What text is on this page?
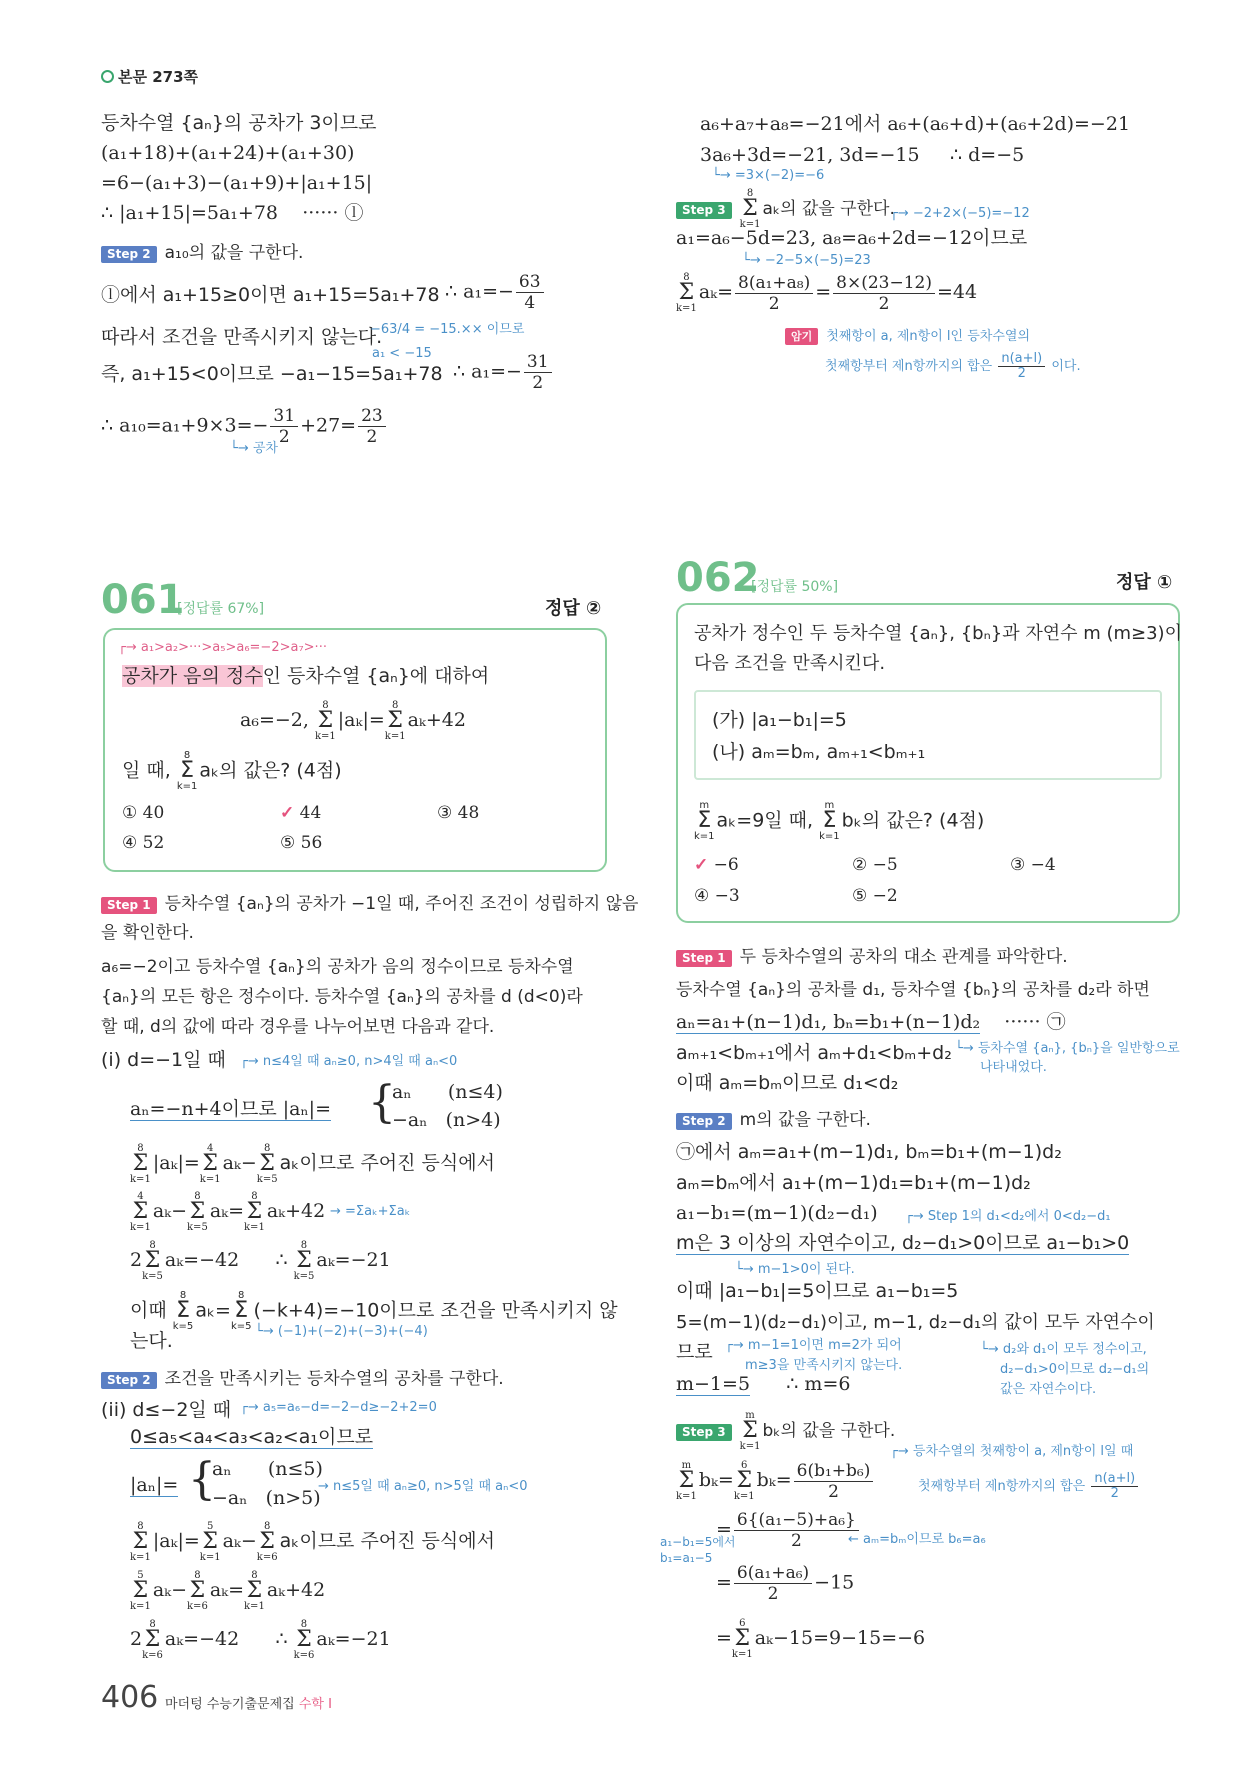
본문 273쪽
등차수열 {aₙ}의 공차가 3이므로
(a₁+18)+(a₁+24)+(a₁+30)
=6−(a₁+3)−(a₁+9)+|a₁+15|
∴ |a₁+15|=5a₁+78 ······ ⓛ
Step 2 a₁₀의 값을 구한다.
ⓛ에서 a₁+15≥0이면 a₁+15=5a₁+78 ∴ $a_1=- \frac{63}{4}$
따라서 조건을 만족시키지 않는다.
−63/4 = −15.×× 이므로
a₁ < −15
즉, a₁+15<0이므로 −a₁−15=5a₁+78 ∴ $a_1=- \frac{31}{2}$
∴ $a_{10}=a_1+9\times 3=- \frac{31}{2} +27= \frac{23}{2}$
└→ 공차
a₆+a₇+a₈=−21에서 a₆+(a₆+d)+(a₆+2d)=−21
3a₆+3d=−21, 3d=−15 ∴ d=−5
└→ =3×(−2)=−6
Step 3
8
Σ
k=1
aₖ의 값을 구한다.
┌→ −2+2×(−5)=−12
a₁=a₆−5d=23, a₈=a₆+2d=−12이므로
└→ −2−5×(−5)=23
8
Σ
k=1
$a_k= \frac{\text{8(a₁+a₈)}}{2} = \frac{8\times(23-12)}{2} =44$
암기 첫째항이 a, 제n항이 l인 등차수열의
첫째항부터 제n항까지의 합은 $\frac{n(a+l)}{2}$ 이다.
061
[정답률 67%]	정답 ②
┌→ a₁>a₂>···>a₅>a₆=−2>a₇>···
공차가 음의 정수인 등차수열 {aₙ}에 대하여
a₆=−2,
8
Σ
k=1
|aₖ|=
8
Σ
k=1
aₖ+42
일 때,
8
Σ
k=1
aₖ의 값은? (4점)
① 40	✓ 44	③ 48
④ 52	⑤ 56
Step 1 등차수열 {aₙ}의 공차가 −1일 때, 주어진 조건이 성립하지 않음
을 확인한다.
a₆=−2이고 등차수열 {aₙ}의 공차가 음의 정수이므로 등차수열
{aₙ}의 모든 항은 정수이다. 등차수열 {aₙ}의 공차를 d (d<0)라
할 때, d의 값에 따라 경우를 나누어보면 다음과 같다.
(i) d=−1일 때 ┌→ n≤4일 때 aₙ≥0, n>4일 때 aₙ<0
aₙ=−n+4이므로 |aₙ|= {
aₙ (n≤4)
−aₙ (n>4)
8
Σ
k=1
|aₖ|=
4
Σ
k=1
aₖ−
8
Σ
k=5
aₖ이므로 주어진 등식에서
4
Σ
k=1
aₖ−
8
Σ
k=5
aₖ=
8
Σ
k=1
aₖ+42 → =Σaₖ+Σaₖ
2
8
Σ
k=5
aₖ=−42 ∴
8
Σ
k=5
aₖ=−21
이때
8
Σ
k=5
aₖ=
8
Σ
k=5
(−k+4)=−10이므로 조건을 만족시키지 않
└→ (−1)+(−2)+(−3)+(−4)
는다.
Step 2 조건을 만족시키는 등차수열의 공차를 구한다.
(ii) d≤−2일 때 ┌→ a₅=a₆−d=−2−d≥−2+2=0
0≤a₅<a₄<a₃<a₂<a₁이므로
|aₙ|= {
aₙ (n≤5)
−aₙ (n>5)
→ n≤5일 때 aₙ≥0, n>5일 때 aₙ<0
8
Σ
k=1
|aₖ|=
5
Σ
k=1
aₖ−
8
Σ
k=6
aₖ이므로 주어진 등식에서
5
Σ
k=1
aₖ−
8
Σ
k=6
aₖ=
8
Σ
k=1
aₖ+42
2
8
Σ
k=6
aₖ=−42 ∴
8
Σ
k=6
aₖ=−21
062
[정답률 50%]	정답 ①
공차가 정수인 두 등차수열 {aₙ}, {bₙ}과 자연수 m (m≥3)이
다음 조건을 만족시킨다.
(가) |a₁−b₁|=5
(나) aₘ=bₘ, aₘ₊₁<bₘ₊₁
m
Σ
k=1
aₖ=9일 때,
m
Σ
k=1
bₖ의 값은? (4점)
✓ −6	② −5	③ −4
④ −3	⑤ −2
Step 1 두 등차수열의 공차의 대소 관계를 파악한다.
등차수열 {aₙ}의 공차를 d₁, 등차수열 {bₙ}의 공차를 d₂라 하면
aₙ=a₁+(n−1)d₁, bₙ=b₁+(n−1)d₂ ······ ㉠
aₘ₊₁<bₘ₊₁에서 aₘ+d₁<bₘ+d₂ └→ 등차수열 {aₙ}, {bₙ}을 일반항으로
나타내었다.
이때 aₘ=bₘ이므로 d₁<d₂
Step 2 m의 값을 구한다.
㉠에서 aₘ=a₁+(m−1)d₁, bₘ=b₁+(m−1)d₂
aₘ=bₘ에서 a₁+(m−1)d₁=b₁+(m−1)d₂
a₁−b₁=(m−1)(d₂−d₁) ┌→ Step 1의 d₁<d₂에서 0<d₂−d₁
m은 3 이상의 자연수이고, d₂−d₁>0이므로 a₁−b₁>0
└→ m−1>0이 된다.
이때 |a₁−b₁|=5이므로 a₁−b₁=5
5=(m−1)(d₂−d₁)이고, m−1, d₂−d₁의 값이 모두 자연수이
므로 ┌→ m−1=1이면 m=2가 되어
m≥3을 만족시키지 않는다.
└→ d₂와 d₁이 모두 정수이고,
d₂−d₁>0이므로 d₂−d₁의
값은 자연수이다.
m−1=5 ∴ m=6
Step 3
m
Σ
k=1
bₖ의 값을 구한다.
m
Σ
k=1
bₖ=
6
Σ
k=1
$b_k= \frac{\text{6(b₁+b₆)}}{2}$
┌→ 등차수열의 첫째항이 a, 제n항이 l일 때
첫째항부터 제n항까지의 합은 $\frac{n(a+l)}{2}$
= $\frac{\text{6\{(a₁−5)+a₆\}}}{2}$
← aₘ=bₘ이므로 b₆=a₆
a₁−b₁=5에서
b₁=a₁−5
= $\frac{\text{6(a₁+a₆)}}{2} -15$
=
6
Σ
k=1
aₖ−15=9−15=−6
406 마더텅 수능기출문제집 수학 I
